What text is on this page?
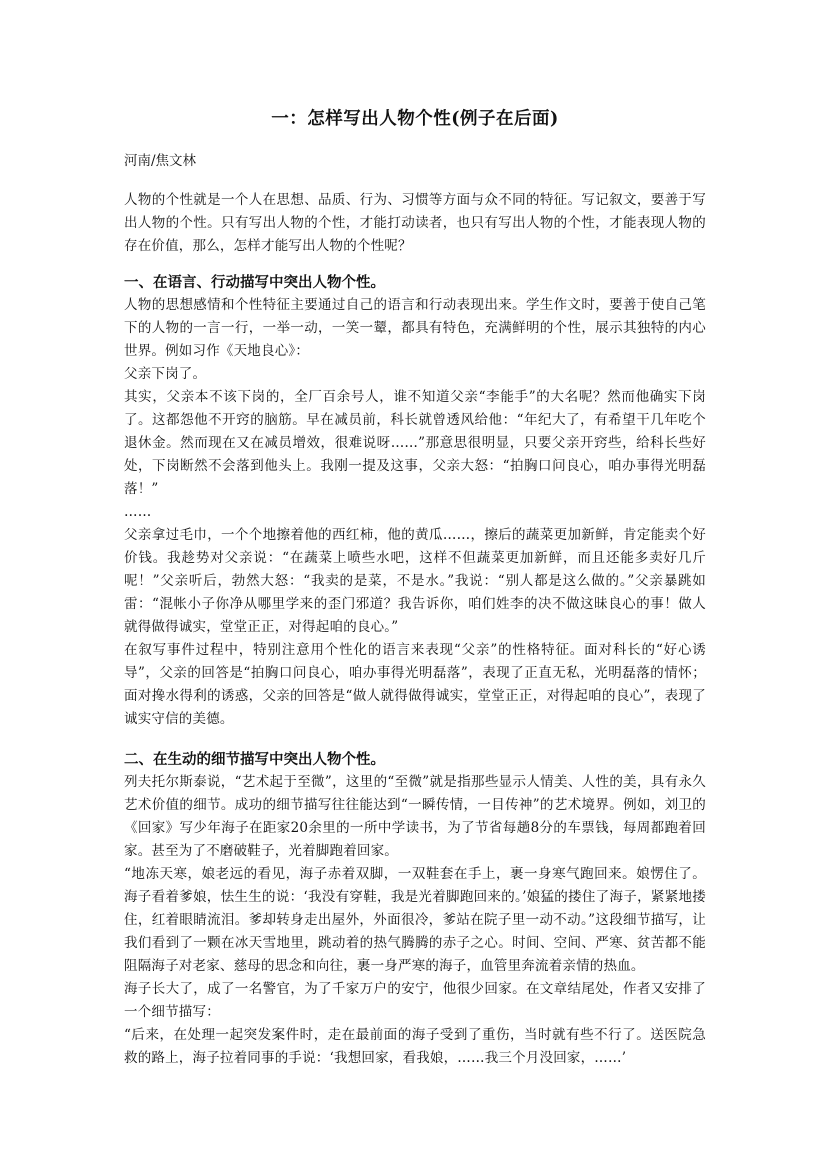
一：怎样写出人物个性(例子在后面)

河南/焦文林

人物的个性就是一个人在思想、品质、行为、习惯等方面与众不同的特征。写记叙文，要善于写出人物的个性。只有写出人物的个性，才能打动读者，也只有写出人物的个性，才能表现人物的存在价值，那么，怎样才能写出人物的个性呢？

一、在语言、行动描写中突出人物个性。

人物的思想感情和个性特征主要通过自己的语言和行动表现出来。学生作文时，要善于使自己笔下的人物的一言一行，一举一动，一笑一颦，都具有特色，充满鲜明的个性，展示其独特的内心世界。例如习作《天地良心》：

父亲下岗了。

其实，父亲本不该下岗的，全厂百余号人，谁不知道父亲“李能手”的大名呢？然而他确实下岗了。这都怨他不开窍的脑筋。早在减员前，科长就曾透风给他：“年纪大了，有希望干几年吃个退休金。然而现在又在减员增效，很难说呀……”那意思很明显，只要父亲开窍些，给科长些好处，下岗断然不会落到他头上。我刚一提及这事，父亲大怒：“拍胸口问良心，咱办事得光明磊落！”

……

父亲拿过毛巾，一个个地擦着他的西红柿，他的黄瓜……，擦后的蔬菜更加新鲜，肯定能卖个好价钱。我趁势对父亲说：“在蔬菜上喷些水吧，这样不但蔬菜更加新鲜，而且还能多卖好几斤呢！”父亲听后，勃然大怒：“我卖的是菜，不是水。”我说：“别人都是这么做的。”父亲暴跳如雷：“混帐小子你净从哪里学来的歪门邪道？我告诉你，咱们姓李的决不做这昧良心的事！做人就得做得诚实，堂堂正正，对得起咱的良心。”

在叙写事件过程中，特别注意用个性化的语言来表现“父亲”的性格特征。面对科长的“好心诱导”，父亲的回答是“拍胸口问良心，咱办事得光明磊落”，表现了正直无私，光明磊落的情怀；面对搀水得利的诱惑，父亲的回答是“做人就得做得诚实，堂堂正正，对得起咱的良心”，表现了诚实守信的美德。

二、在生动的细节描写中突出人物个性。

列夫托尔斯泰说，“艺术起于至微”，这里的“至微”就是指那些显示人情美、人性的美，具有永久艺术价值的细节。成功的细节描写往往能达到“一瞬传情，一目传神”的艺术境界。例如，刘卫的《回家》写少年海子在距家20余里的一所中学读书，为了节省每趟8分的车票钱，每周都跑着回家。甚至为了不磨破鞋子，光着脚跑着回家。

“地冻天寒，娘老远的看见，海子赤着双脚，一双鞋套在手上，裹一身寒气跑回来。娘愣住了。海子看着爹娘，怯生生的说：‘我没有穿鞋，我是光着脚跑回来的。’娘猛的搂住了海子，紧紧地搂住，红着眼睛流泪。爹却转身走出屋外，外面很冷，爹站在院子里一动不动。”这段细节描写，让我们看到了一颗在冰天雪地里，跳动着的热气腾腾的赤子之心。时间、空间、严寒、贫苦都不能阻隔海子对老家、慈母的思念和向往，裹一身严寒的海子，血管里奔流着亲情的热血。

海子长大了，成了一名警官，为了千家万户的安宁，他很少回家。在文章结尾处，作者又安排了一个细节描写：

“后来，在处理一起突发案件时，走在最前面的海子受到了重伤，当时就有些不行了。送医院急救的路上，海子拉着同事的手说：‘我想回家，看我娘，……我三个月没回家，……’
